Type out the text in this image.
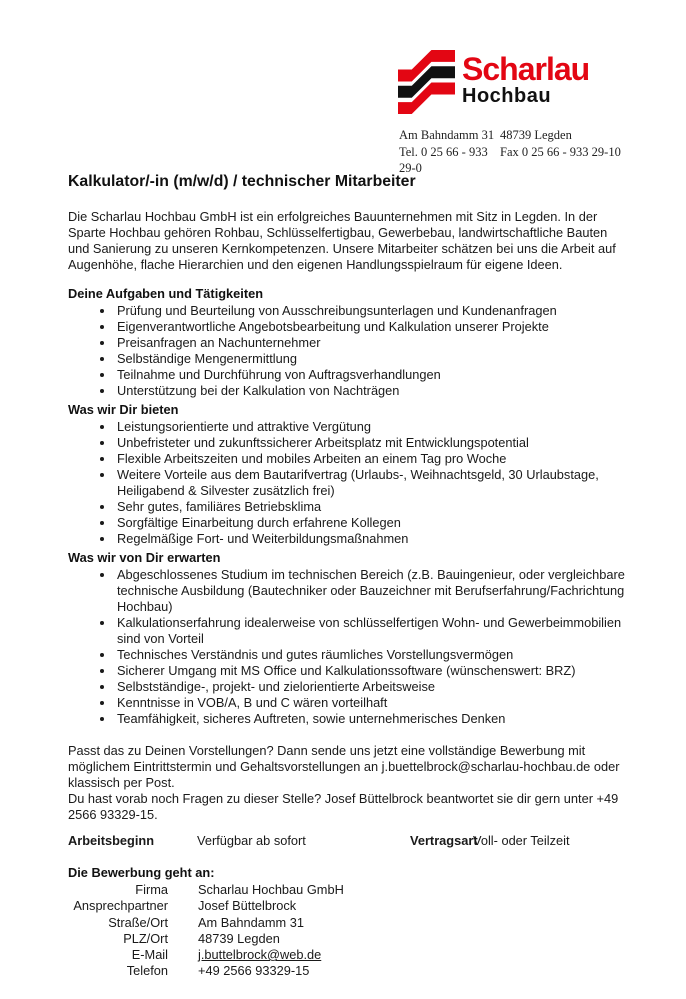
Scharlau
Hochbau
Am Bahndamm 31 48739 Legden
Tel. 0 25 66 - 933 29-0
Fax 0 25 66 - 933 29-10
Kalkulator/-in (m/w/d) / technischer Mitarbeiter

Die Scharlau Hochbau GmbH ist ein erfolgreiches Bauunternehmen mit Sitz in Legden. In der Sparte Hochbau gehören Rohbau, Schlüsselfertigbau, Gewerbebau, landwirtschaftliche Bauten und Sanierung zu unseren Kernkompetenzen. Unsere Mitarbeiter schätzen bei uns die Arbeit auf Augenhöhe, flache Hierarchien und den eigenen Handlungsspielraum für eigene Ideen.

Deine Aufgaben und Tätigkeiten
• Prüfung und Beurteilung von Ausschreibungsunterlagen und Kundenanfragen
• Eigenverantwortliche Angebotsbearbeitung und Kalkulation unserer Projekte
• Preisanfragen an Nachunternehmer
• Selbständige Mengenermittlung
• Teilnahme und Durchführung von Auftragsverhandlungen
• Unterstützung bei der Kalkulation von Nachträgen
Was wir Dir bieten
• Leistungsorientierte und attraktive Vergütung
• Unbefristeter und zukunftssicherer Arbeitsplatz mit Entwicklungspotential
• Flexible Arbeitszeiten und mobiles Arbeiten an einem Tag pro Woche
• Weitere Vorteile aus dem Bautarifvertrag (Urlaubs-, Weihnachtsgeld, 30 Urlaubstage, Heiligabend & Silvester zusätzlich frei)
• Sehr gutes, familiäres Betriebsklima
• Sorgfältige Einarbeitung durch erfahrene Kollegen
• Regelmäßige Fort- und Weiterbildungsmaßnahmen
Was wir von Dir erwarten
• Abgeschlossenes Studium im technischen Bereich (z.B. Bauingenieur, oder vergleichbare technische Ausbildung (Bautechniker oder Bauzeichner mit Berufserfahrung/Fachrichtung Hochbau)
• Kalkulationserfahrung idealerweise von schlüsselfertigen Wohn- und Gewerbeimmobilien sind von Vorteil
• Technisches Verständnis und gutes räumliches Vorstellungsvermögen
• Sicherer Umgang mit MS Office und Kalkulationssoftware (wünschenswert: BRZ)
• Selbstständige-, projekt- und zielorientierte Arbeitsweise
• Kenntnisse in VOB/A, B und C wären vorteilhaft
• Teamfähigkeit, sicheres Auftreten, sowie unternehmerisches Denken

Passt das zu Deinen Vorstellungen? Dann sende uns jetzt eine vollständige Bewerbung mit möglichem Eintrittstermin und Gehaltsvorstellungen an j.buettelbrock@scharlau-hochbau.de oder klassisch per Post.

Du hast vorab noch Fragen zu dieser Stelle? Josef Büttelbrock beantwortet sie dir gern unter +49 2566 93329-15.

Arbeitsbeginn	Verfügbar ab sofort	Vertragsart
Voll- oder Teilzeit
Die Bewerbung geht an:
Firma Scharlau Hochbau GmbH
Ansprechpartner Josef Büttelbrock
Straße/Ort Am Bahndamm 31
PLZ/Ort 48739 Legden
E-Mail j.buttelbrock@web.de
Telefon +49 2566 93329-15
